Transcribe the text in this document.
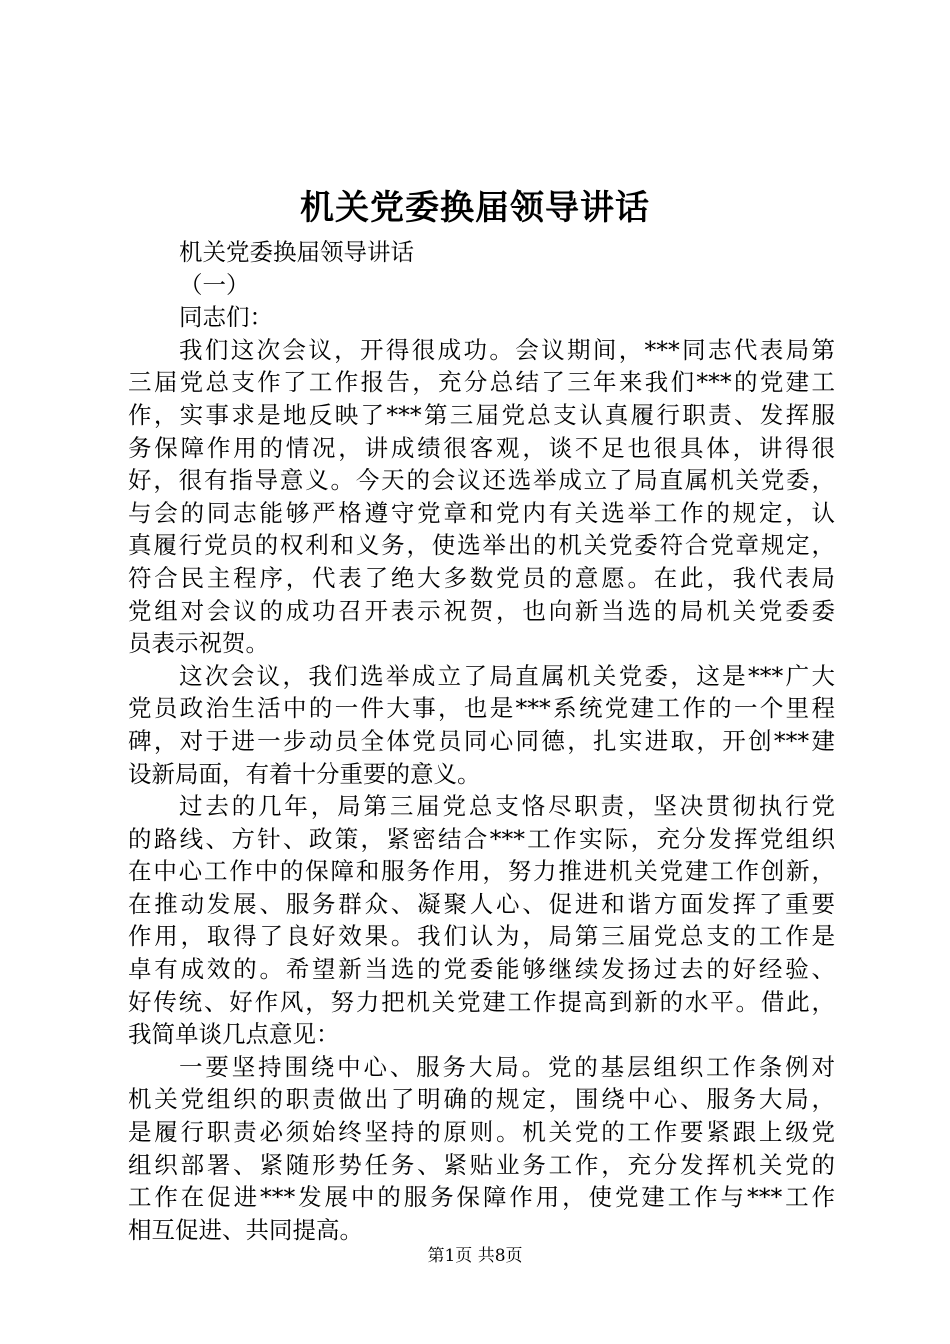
机关党委换届领导讲话
机关党委换届领导讲话
（一）
同志们：
我们这次会议，开得很成功。会议期间，***同志代表局第
三届党总支作了工作报告，充分总结了三年来我们***的党建工
作，实事求是地反映了***第三届党总支认真履行职责、发挥服
务保障作用的情况，讲成绩很客观，谈不足也很具体，讲得很
好，很有指导意义。今天的会议还选举成立了局直属机关党委，
与会的同志能够严格遵守党章和党内有关选举工作的规定，认
真履行党员的权利和义务，使选举出的机关党委符合党章规定，
符合民主程序，代表了绝大多数党员的意愿。在此，我代表局
党组对会议的成功召开表示祝贺，也向新当选的局机关党委委
员表示祝贺。
这次会议，我们选举成立了局直属机关党委，这是***广大
党员政治生活中的一件大事，也是***系统党建工作的一个里程
碑，对于进一步动员全体党员同心同德，扎实进取，开创***建
设新局面，有着十分重要的意义。
过去的几年，局第三届党总支恪尽职责，坚决贯彻执行党
的路线、方针、政策，紧密结合***工作实际，充分发挥党组织
在中心工作中的保障和服务作用，努力推进机关党建工作创新，
在推动发展、服务群众、凝聚人心、促进和谐方面发挥了重要
作用，取得了良好效果。我们认为，局第三届党总支的工作是
卓有成效的。希望新当选的党委能够继续发扬过去的好经验、
好传统、好作风，努力把机关党建工作提高到新的水平。借此，
我简单谈几点意见：
一要坚持围绕中心、服务大局。党的基层组织工作条例对
机关党组织的职责做出了明确的规定，围绕中心、服务大局，
是履行职责必须始终坚持的原则。机关党的工作要紧跟上级党
组织部署、紧随形势任务、紧贴业务工作，充分发挥机关党的
工作在促进***发展中的服务保障作用，使党建工作与***工作
相互促进、共同提高。
第1页 共8页
